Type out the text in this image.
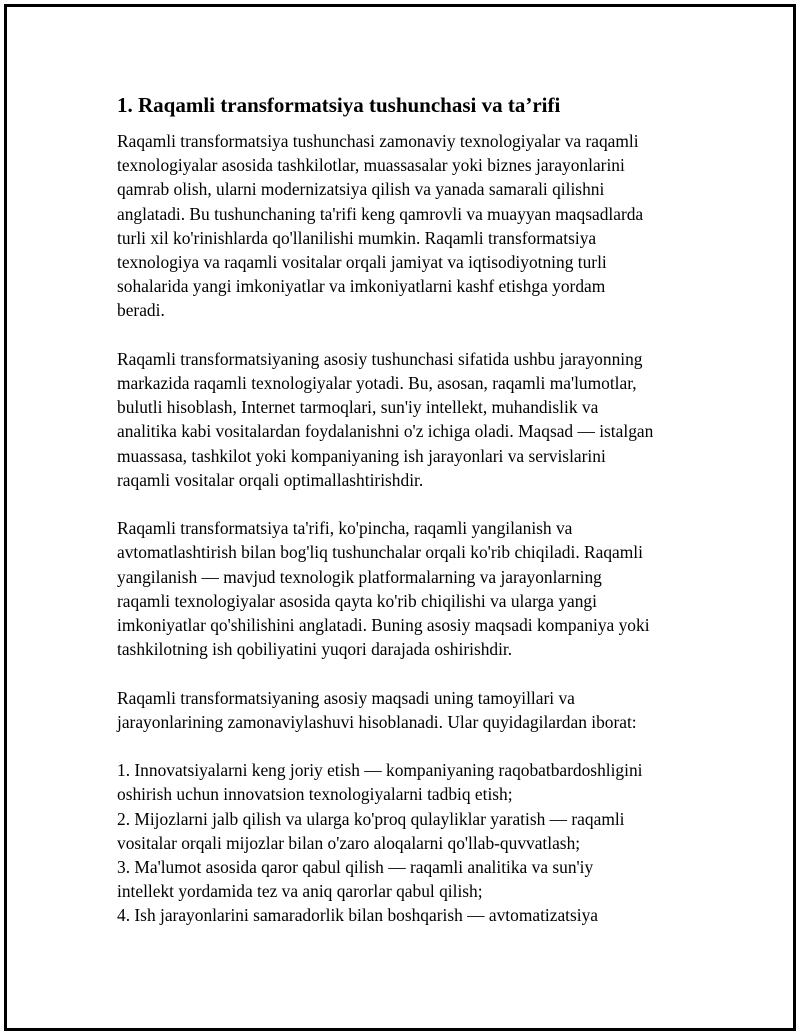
1. Raqamli transformatsiya tushunchasi va ta’rifi

Raqamli transformatsiya tushunchasi zamonaviy texnologiyalar va raqamli
texnologiyalar asosida tashkilotlar, muassasalar yoki biznes jarayonlarini
qamrab olish, ularni modernizatsiya qilish va yanada samarali qilishni
anglatadi. Bu tushunchaning ta'rifi keng qamrovli va muayyan maqsadlarda
turli xil ko'rinishlarda qo'llanilishi mumkin. Raqamli transformatsiya
texnologiya va raqamli vositalar orqali jamiyat va iqtisodiyotning turli
sohalarida yangi imkoniyatlar va imkoniyatlarni kashf etishga yordam
beradi.

Raqamli transformatsiyaning asosiy tushunchasi sifatida ushbu jarayonning
markazida raqamli texnologiyalar yotadi. Bu, asosan, raqamli ma'lumotlar,
bulutli hisoblash, Internet tarmoqlari, sun'iy intellekt, muhandislik va
analitika kabi vositalardan foydalanishni o'z ichiga oladi. Maqsad — istalgan
muassasa, tashkilot yoki kompaniyaning ish jarayonlari va servislarini
raqamli vositalar orqali optimallashtirishdir.

Raqamli transformatsiya ta'rifi, ko'pincha, raqamli yangilanish va
avtomatlashtirish bilan bog'liq tushunchalar orqali ko'rib chiqiladi. Raqamli
yangilanish — mavjud texnologik platformalarning va jarayonlarning
raqamli texnologiyalar asosida qayta ko'rib chiqilishi va ularga yangi
imkoniyatlar qo'shilishini anglatadi. Buning asosiy maqsadi kompaniya yoki
tashkilotning ish qobiliyatini yuqori darajada oshirishdir.

Raqamli transformatsiyaning asosiy maqsadi uning tamoyillari va
jarayonlarining zamonaviylashuvi hisoblanadi. Ular quyidagilardan iborat:

1. Innovatsiyalarni keng joriy etish — kompaniyaning raqobatbardoshligini
oshirish uchun innovatsion texnologiyalarni tadbiq etish;
2. Mijozlarni jalb qilish va ularga ko'proq qulayliklar yaratish — raqamli
vositalar orqali mijozlar bilan o'zaro aloqalarni qo'llab-quvvatlash;
3. Ma'lumot asosida qaror qabul qilish — raqamli analitika va sun'iy
intellekt yordamida tez va aniq qarorlar qabul qilish;
4. Ish jarayonlarini samaradorlik bilan boshqarish — avtomatizatsiya
